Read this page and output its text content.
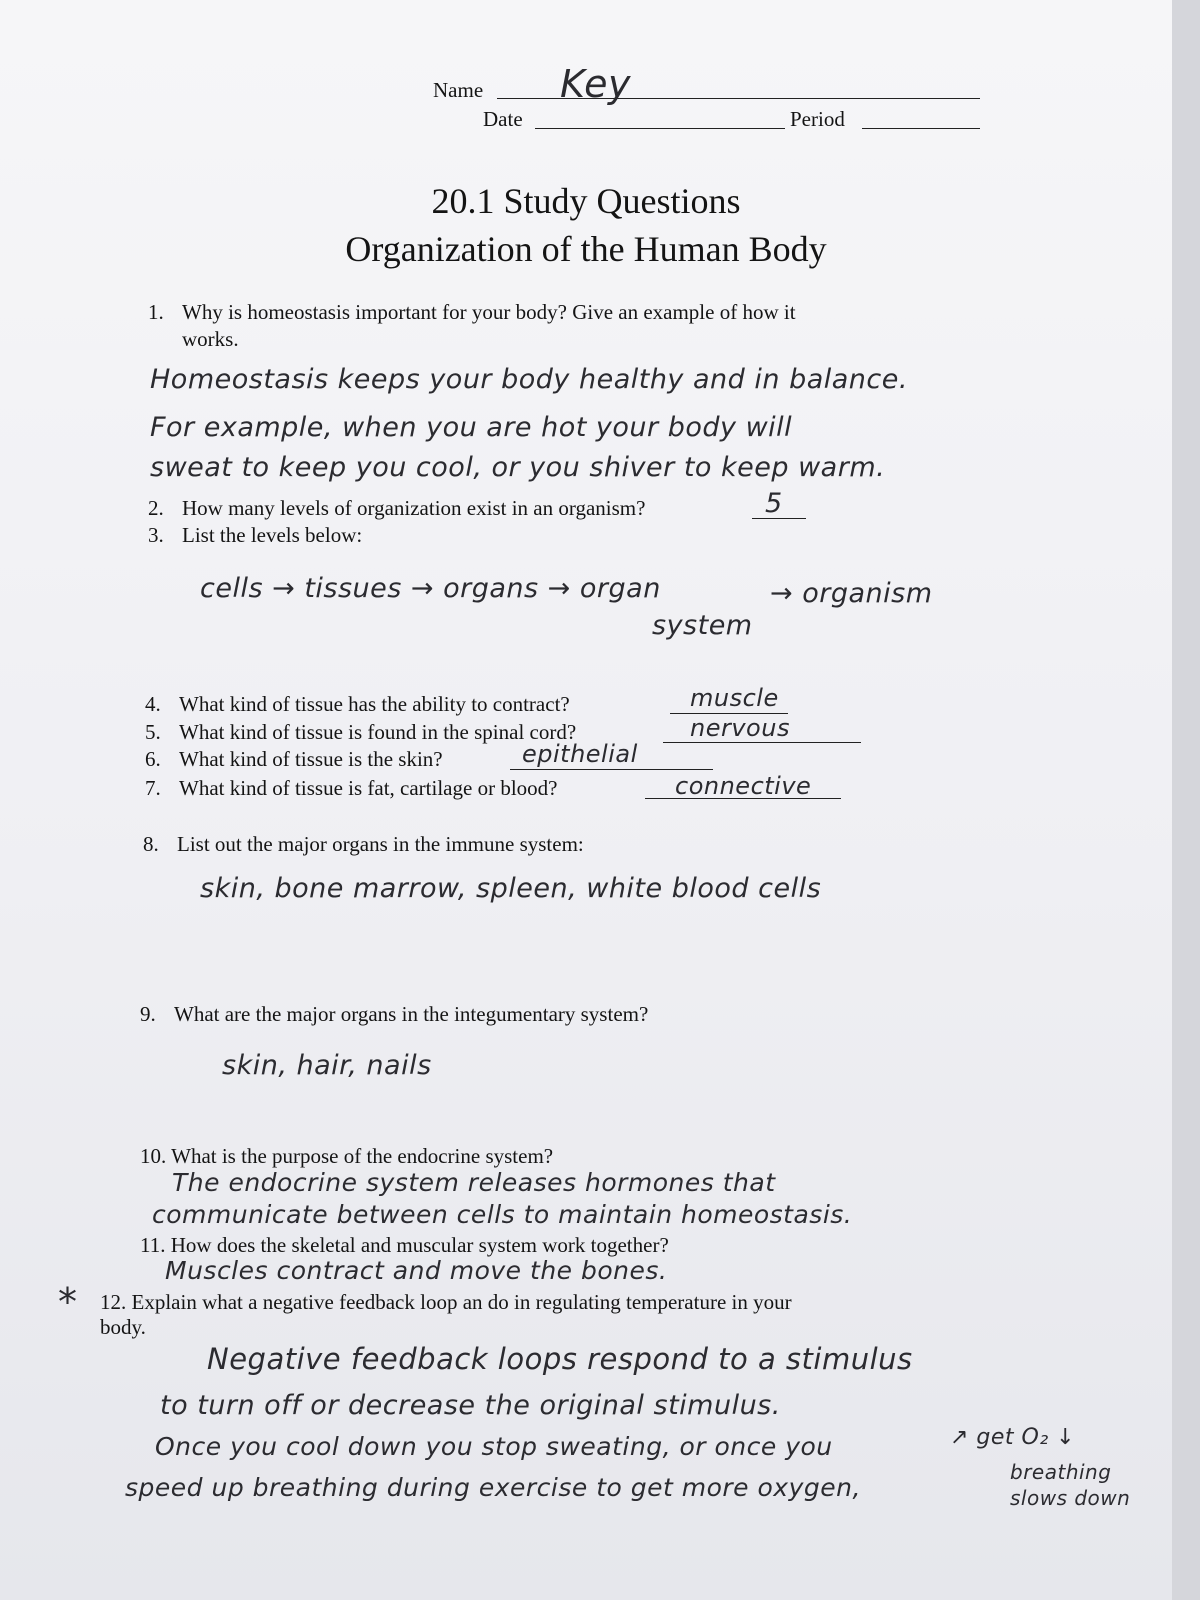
Name Key
Date	Period
20.1 Study Questions
Organization of the Human Body
1. Why is homeostasis important for your body? Give an example of how it
works.
Homeostasis keeps your body healthy and in balance.
For example, when you are hot your body will
sweat to keep you cool, or you shiver to keep warm.
2. How many levels of organization exist in an organism?	5
3. List the levels below:
cells → tissues → organs → organ
system
→ organism
4. What kind of tissue has the ability to contract?	muscle
5. What kind of tissue is found in the spinal cord?	nervous
6. What kind of tissue is the skin?	epithelial
7. What kind of tissue is fat, cartilage or blood?	connective
8. List out the major organs in the immune system:
skin, bone marrow, spleen, white blood cells
9. What are the major organs in the integumentary system?
skin, hair, nails
10. What is the purpose of the endocrine system?
The endocrine system releases hormones that
communicate between cells to maintain homeostasis.
11. How does the skeletal and muscular system work together?
Muscles contract and move the bones.
* 12. Explain what a negative feedback loop an do in regulating temperature in your
body.
Negative feedback loops respond to a stimulus
to turn off or decrease the original stimulus.
Once you cool down you stop sweating, or once you
speed up breathing during exercise to get more oxygen,
↗ get O₂ ↓
breathing
slows down
